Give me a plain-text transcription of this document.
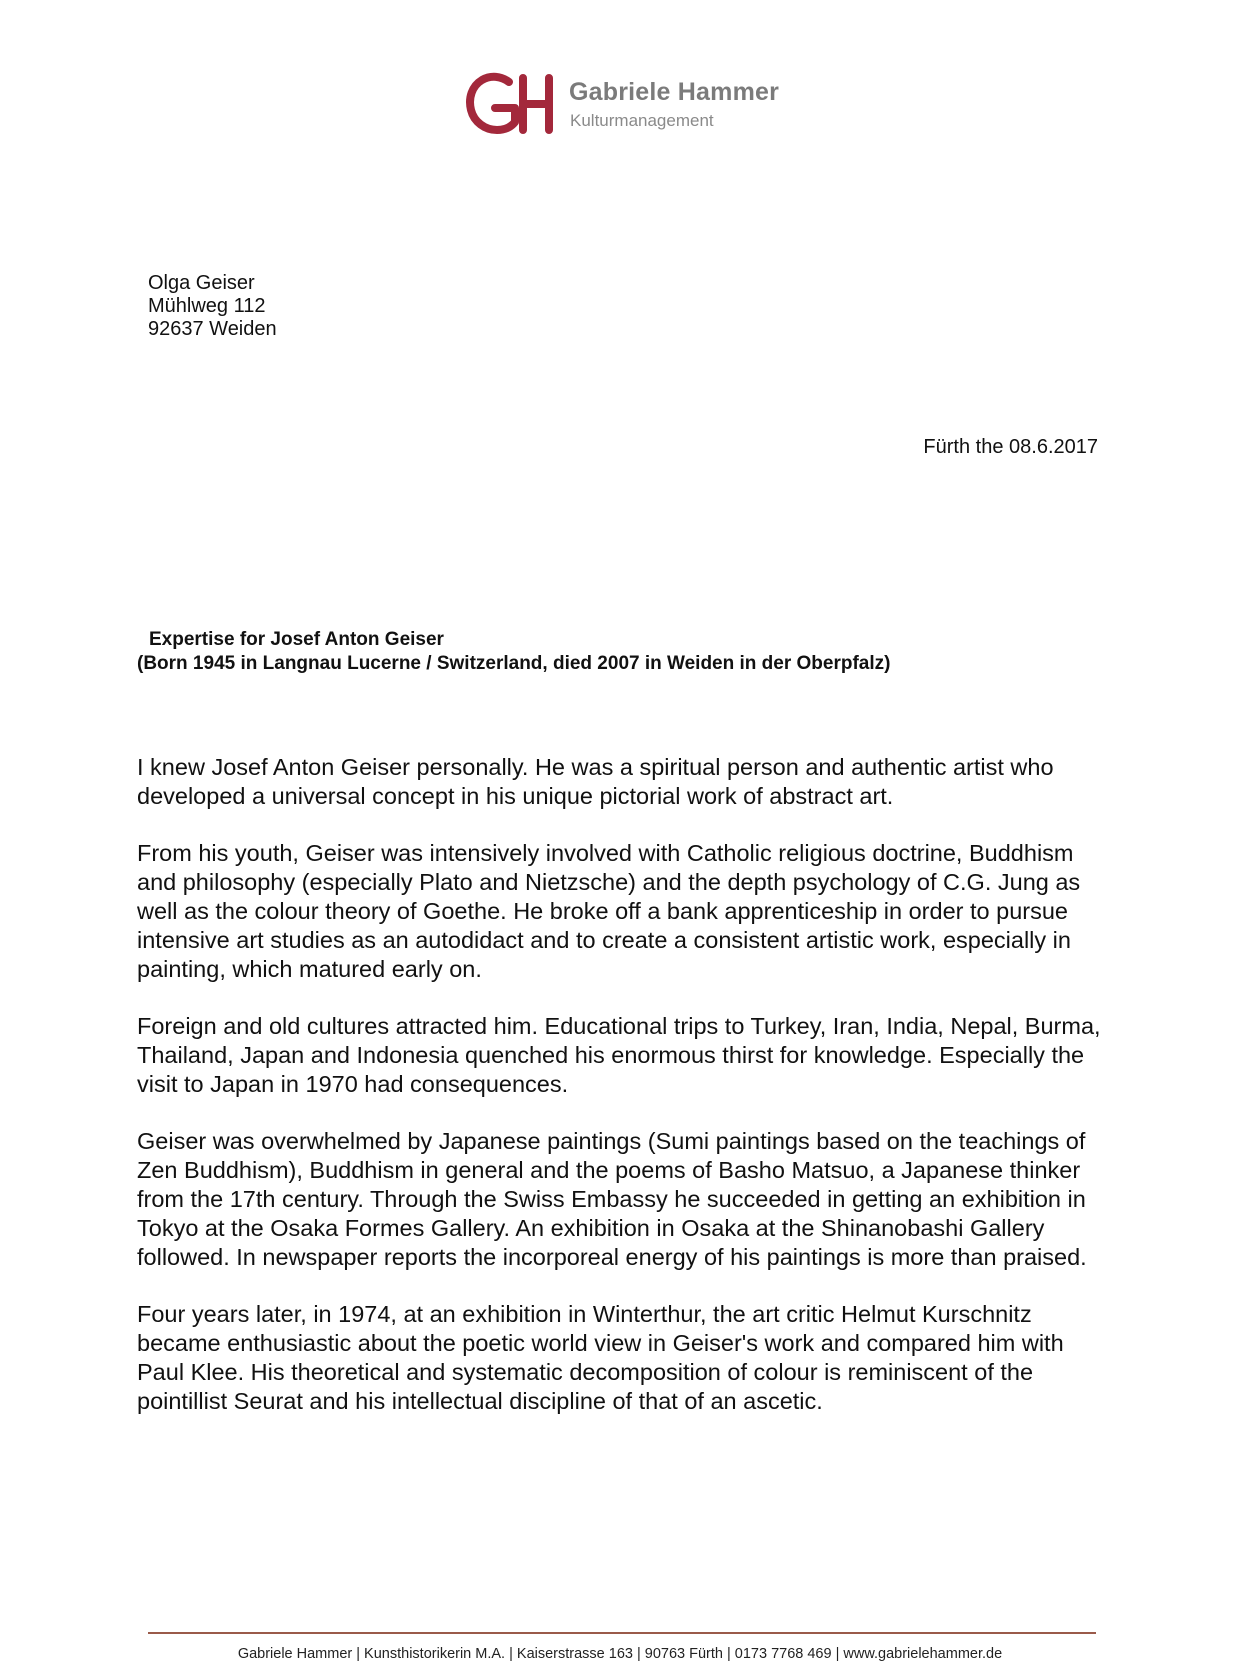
Gabriele Hammer
Kulturmanagement
Olga Geiser
Mühlweg 112
92637 Weiden
Fürth the 08.6.2017
Expertise for Josef Anton Geiser
(Born 1945 in Langnau Lucerne / Switzerland, died 2007 in Weiden in der Oberpfalz)

I knew Josef Anton Geiser personally. He was a spiritual person and authentic artist who developed a universal concept in his unique pictorial work of abstract art.

From his youth, Geiser was intensively involved with Catholic religious doctrine, Buddhism and philosophy (especially Plato and Nietzsche) and the depth psychology of C.G. Jung as well as the colour theory of Goethe. He broke off a bank apprenticeship in order to pursue intensive art studies as an autodidact and to create a consistent artistic work, especially in painting, which matured early on.

Foreign and old cultures attracted him. Educational trips to Turkey, Iran, India, Nepal, Burma, Thailand, Japan and Indonesia quenched his enormous thirst for knowledge. Especially the visit to Japan in 1970 had consequences.

Geiser was overwhelmed by Japanese paintings (Sumi paintings based on the teachings of Zen Buddhism), Buddhism in general and the poems of Basho Matsuo, a Japanese thinker from the 17th century. Through the Swiss Embassy he succeeded in getting an exhibition in Tokyo at the Osaka Formes Gallery. An exhibition in Osaka at the Shinanobashi Gallery followed. In newspaper reports the incorporeal energy of his paintings is more than praised.

Four years later, in 1974, at an exhibition in Winterthur, the art critic Helmut Kurschnitz became enthusiastic about the poetic world view in Geiser's work and compared him with Paul Klee. His theoretical and systematic decomposition of colour is reminiscent of the pointillist Seurat and his intellectual discipline of that of an ascetic.

Gabriele Hammer | Kunsthistorikerin M.A. | Kaiserstrasse 163 | 90763 Fürth | 0173 7768 469 | www.gabrielehammer.de
